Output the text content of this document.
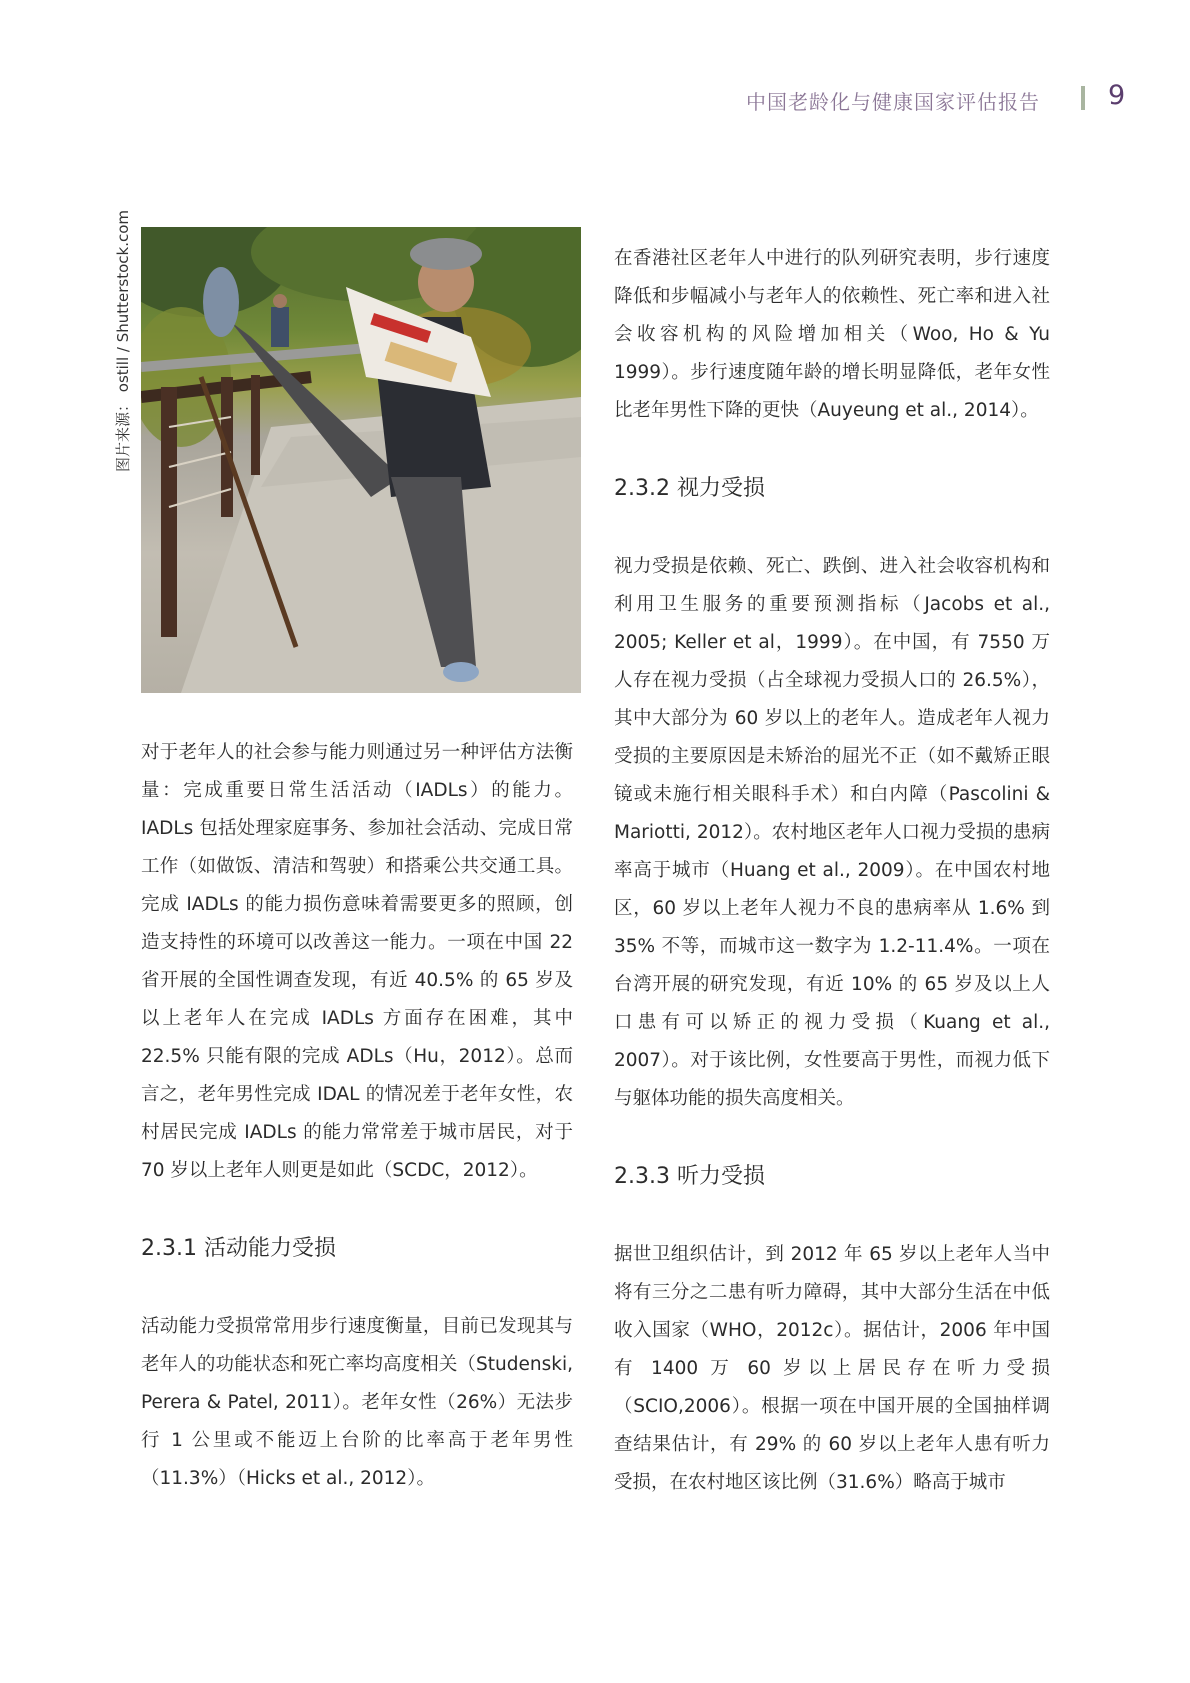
中国老龄化与健康国家评估报告	9
图片来源： ostill / Shutterstock.com

对于老年人的社会参与能力则通过另一种评估方法衡量：完成重要日常生活活动（IADLs）的能力。IADLs 包括处理家庭事务、参加社会活动、完成日常工作（如做饭、清洁和驾驶）和搭乘公共交通工具。完成 IADLs 的能力损伤意味着需要更多的照顾，创造支持性的环境可以改善这一能力。一项在中国 22 省开展的全国性调查发现，有近 40.5% 的 65 岁及以上老年人在完成 IADLs 方面存在困难，其中 22.5% 只能有限的完成 ADLs（Hu，2012）。总而言之，老年男性完成 IDAL 的情况差于老年女性，农村居民完成 IADLs 的能力常常差于城市居民，对于 70 岁以上老年人则更是如此（SCDC，2012）。

2.3.1 活动能力受损

活动能力受损常常用步行速度衡量，目前已发现其与老年人的功能状态和死亡率均高度相关（Studenski, Perera & Patel, 2011）。老年女性（26%）无法步行 1 公里或不能迈上台阶的比率高于老年男性（11.3%）（Hicks et al., 2012）。

在香港社区老年人中进行的队列研究表明，步行速度降低和步幅减小与老年人的依赖性、死亡率和进入社会收容机构的风险增加相关（Woo, Ho & Yu 1999）。步行速度随年龄的增长明显降低，老年女性比老年男性下降的更快（Auyeung et al., 2014）。

2.3.2 视力受损

视力受损是依赖、死亡、跌倒、进入社会收容机构和利用卫生服务的重要预测指标（Jacobs et al., 2005; Keller et al，1999）。在中国，有 7550 万人存在视力受损（占全球视力受损人口的 26.5%），其中大部分为 60 岁以上的老年人。造成老年人视力受损的主要原因是未矫治的屈光不正（如不戴矫正眼镜或未施行相关眼科手术）和白内障（Pascolini & Mariotti, 2012）。农村地区老年人口视力受损的患病率高于城市（Huang et al., 2009）。在中国农村地区，60 岁以上老年人视力不良的患病率从 1.6% 到 35% 不等，而城市这一数字为 1.2-11.4%。一项在台湾开展的研究发现，有近 10% 的 65 岁及以上人口患有可以矫正的视力受损（Kuang et al., 2007）。对于该比例，女性要高于男性，而视力低下与躯体功能的损失高度相关。

2.3.3 听力受损

据世卫组织估计，到 2012 年 65 岁以上老年人当中将有三分之二患有听力障碍，其中大部分生活在中低收入国家（WHO，2012c）。据估计，2006 年中国有 1400 万 60 岁以上居民存在听力受损（SCIO,2006）。根据一项在中国开展的全国抽样调查结果估计，有 29% 的 60 岁以上老年人患有听力受损，在农村地区该比例（31.6%）略高于城市
